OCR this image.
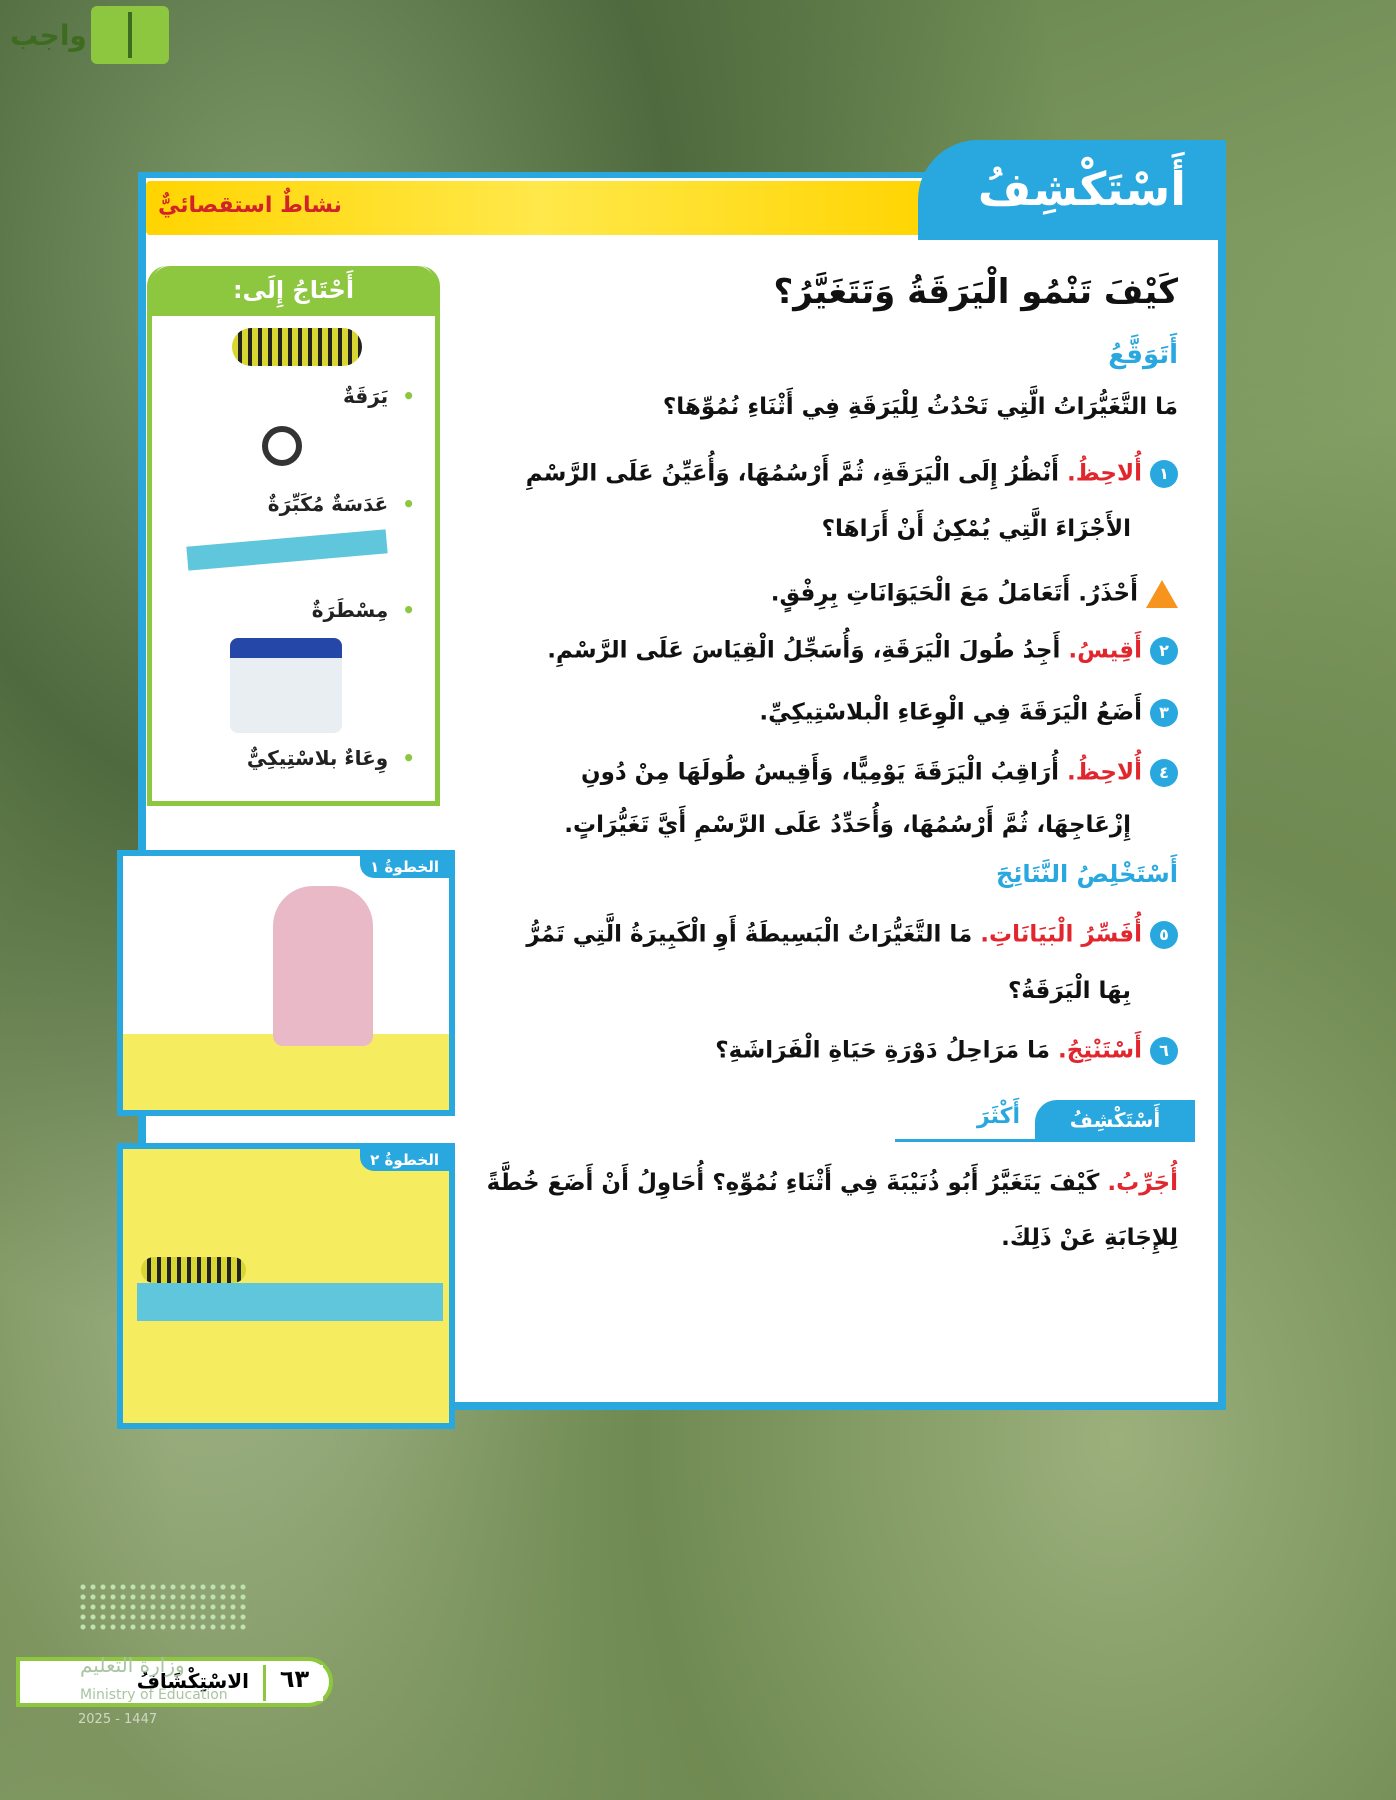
واجب
نشاطٌ استقصائيٌّ	أَسْتَكْشِفُ
كَيْفَ تَنْمُو الْيَرَقَةُ وَتَتَغَيَّرُ؟
أَتَوَقَّعُ
مَا التَّغَيُّرَاتُ الَّتِي تَحْدُثُ لِلْيَرَقَةِ فِي أَثْنَاءِ نُمُوِّهَا؟
١أُلاحِظُ. أَنْظُرُ إِلَى الْيَرَقَةِ، ثُمَّ أَرْسُمُهَا، وَأُعَيِّنُ عَلَى الرَّسْمِ
الأَجْزَاءَ الَّتِي يُمْكِنُ أَنْ أَرَاهَا؟
أَحْذَرُ. أَتَعَامَلُ مَعَ الْحَيَوَانَاتِ بِرِفْقٍ.
٢أَقِيسُ. أَجِدُ طُولَ الْيَرَقَةِ، وَأُسَجِّلُ الْقِيَاسَ عَلَى الرَّسْمِ.
٣أَضَعُ الْيَرَقَةَ فِي الْوِعَاءِ الْبلاسْتِيكِيِّ.
٤أُلاحِظُ. أُرَاقِبُ الْيَرَقَةَ يَوْمِيًّا، وَأَقِيسُ طُولَهَا مِنْ دُونِ
إِزْعَاجِهَا، ثُمَّ أَرْسُمُهَا، وَأُحَدِّدُ عَلَى الرَّسْمِ أَيَّ تَغَيُّرَاتٍ.
أَسْتَخْلِصُ النَّتَائِجَ
٥أُفَسِّرُ الْبَيَانَاتِ. مَا التَّغَيُّرَاتُ الْبَسِيطَةُ أَوِ الْكَبِيرَةُ الَّتِي تَمُرُّ
بِهَا الْيَرَقَةُ؟
٦أَسْتَنْتِجُ. مَا مَرَاحِلُ دَوْرَةِ حَيَاةِ الْفَرَاشَةِ؟
أَسْتَكْشِفُ
أَكْثَرَ
أُجَرِّبُ. كَيْفَ يَتَغَيَّرُ أَبُو ذُنَيْبَةَ فِي أَثْنَاءِ نُمُوِّهِ؟ أُحَاوِلُ أَنْ أَضَعَ خُطَّةً
لِلإِجَابَةِ عَنْ ذَلِكَ.
أَحْتَاجُ إِلَى:
• يَرَقَةٌ
• عَدَسَةٌ مُكَبِّرَةٌ
• مِسْطَرَةٌ
• وِعَاءٌ بلاسْتِيكِيٌّ
الخطوةُ ١
الخطوةُ ٢
٦٣
الاسْتِكْشَافُ
وزارة التعليم
Ministry of Education
2025 - 1447
